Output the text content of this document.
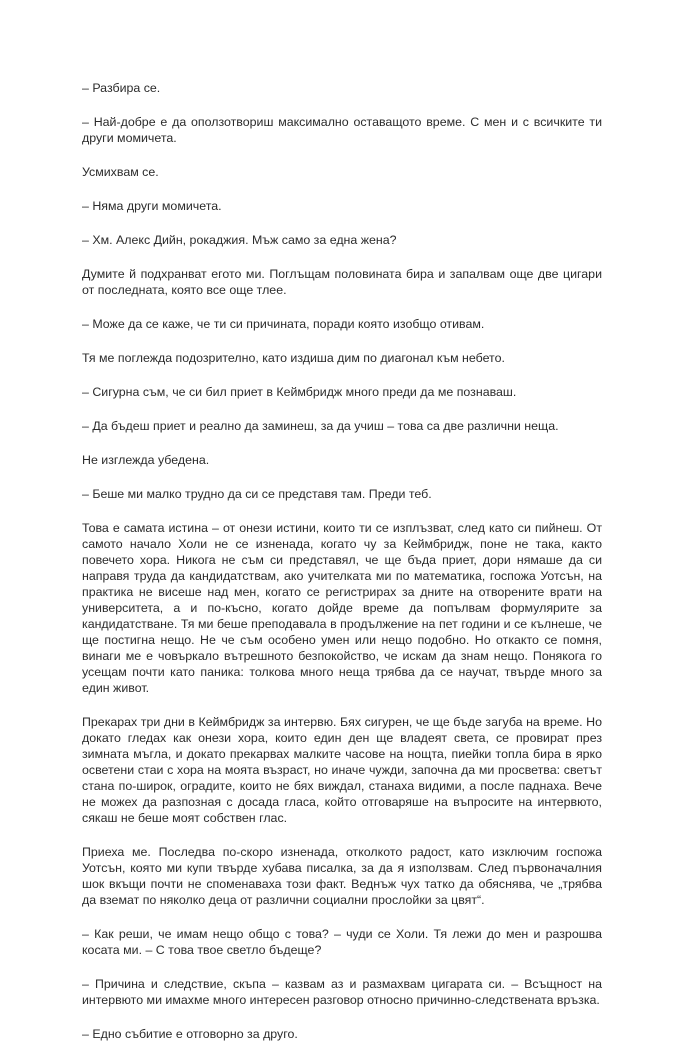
– Разбира се.

– Най-добре е да оползотвориш максимално оставащото време. С мен и с всичките ти други момичета.

Усмихвам се.

– Няма други момичета.

– Хм. Алекс Дийн, рокаджия. Мъж само за една жена?

Думите й подхранват егото ми. Поглъщам половината бира и запалвам още две цигари от последната, която все още тлее.

– Може да се каже, че ти си причината, поради която изобщо отивам.

Тя ме поглежда подозрително, като издиша дим по диагонал към небето.

– Сигурна съм, че си бил приет в Кеймбридж много преди да ме познаваш.

– Да бъдеш приет и реално да заминеш, за да учиш – това са две различни неща.

Не изглежда убедена.

– Беше ми малко трудно да си се представя там. Преди теб.

Това е самата истина – от онези истини, които ти се изплъзват, след като си пийнеш. От самото начало Холи не се изненада, когато чу за Кеймбридж, поне не така, както повечето хора. Никога не съм си представял, че ще бъда приет, дори нямаше да си направя труда да кандидатствам, ако учителката ми по математика, госпожа Уотсън, на практика не висеше над мен, когато се регистрирах за дните на отворените врати на университета, а и по-късно, когато дойде време да попълвам формулярите за кандидатстване. Тя ми беше преподавала в продължение на пет години и се кълнеше, че ще постигна нещо. Не че съм особено умен или нещо подобно. Но откакто се помня, винаги ме е човъркало вътрешното безпокойство, че искам да знам нещо. Понякога го усещам почти като паника: толкова много неща трябва да се научат, твърде много за един живот.

Прекарах три дни в Кеймбридж за интервю. Бях сигурен, че ще бъде загуба на време. Но докато гледах как онези хора, които един ден ще владеят света, се провират през зимната мъгла, и докато прекарвах малките часове на нощта, пиейки топла бира в ярко осветени стаи с хора на моята възраст, но иначе чужди, започна да ми просветва: светът стана по-широк, оградите, които не бях виждал, станаха видими, а после паднаха. Вече не можех да разпозная с досада гласа, който отговаряше на въпросите на интервюто, сякаш не беше моят собствен глас.

Приеха ме. Последва по-скоро изненада, отколкото радост, като изключим госпожа Уотсън, която ми купи твърде хубава писалка, за да я използвам. След първоначалния шок вкъщи почти не споменаваха този факт. Веднъж чух татко да обяснява, че „трябва да вземат по няколко деца от различни социални прослойки за цвят“.

– Как реши, че имам нещо общо с това? – чуди се Холи. Тя лежи до мен и разрошва косата ми. – С това твое светло бъдеще?

– Причина и следствие, скъпа – казвам аз и размахвам цигарата си. – Всъщност на интервюто ми имахме много интересен разговор относно причинно-следствената връзка.

– Едно събитие е отговорно за друго.
